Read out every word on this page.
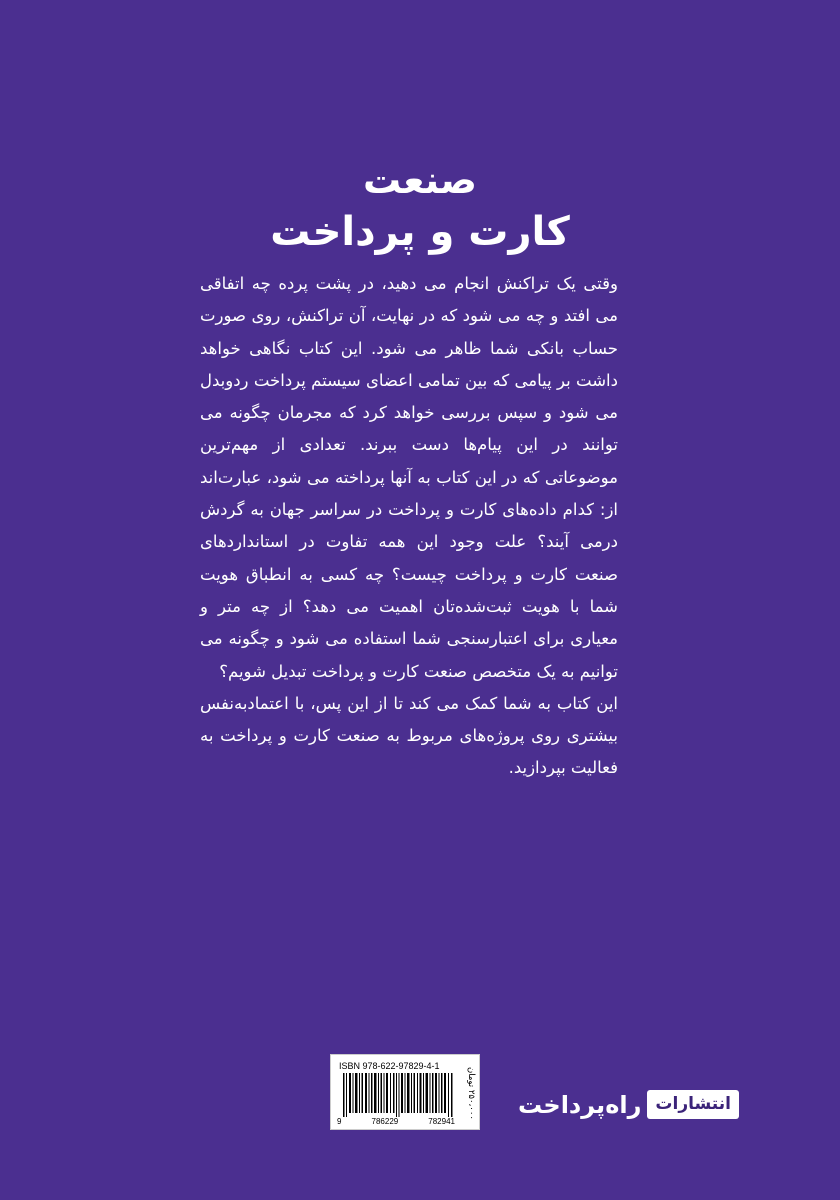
صنعت
کارت و پرداخت

وقتی یک تراکنش انجام می دهید، در پشت پرده چه اتفاقی می افتد و چه می شود که در نهایت، آن تراکنش، روی صورت حساب بانکی شما ظاهر می شود. این کتاب نگاهی خواهد داشت بر پیامی که بین تمامی اعضای سیستم پرداخت ردوبدل می شود و سپس بررسی خواهد کرد که مجرمان چگونه می توانند در این پیام‌ها دست ببرند. تعدادی از مهم‌ترین موضوعاتی که در این کتاب به آنها پرداخته می شود، عبارت‌اند از: کدام داده‌های کارت و پرداخت در سراسر جهان به گردش درمی آیند؟ علت وجود این همه تفاوت در استانداردهای صنعت کارت و پرداخت چیست؟ چه کسی به انطباق هویت شما با هویت ثبت‌شده‌تان اهمیت می دهد؟ از چه متر و معیاری برای اعتبارسنجی شما استفاده می شود و چگونه می توانیم به یک متخصص صنعت کارت و پرداخت تبدیل شویم؟

این کتاب به شما کمک می کند تا از این پس، با اعتمادبه‌نفس بیشتری روی پروژه‌های مربوط به صنعت کارت و پرداخت به فعالیت بپردازید.

ISBN 978-622-97829-4-1
9	786229	782941
۲۵۰،۰۰۰ تومان راه‌پرداخت انتشارات
